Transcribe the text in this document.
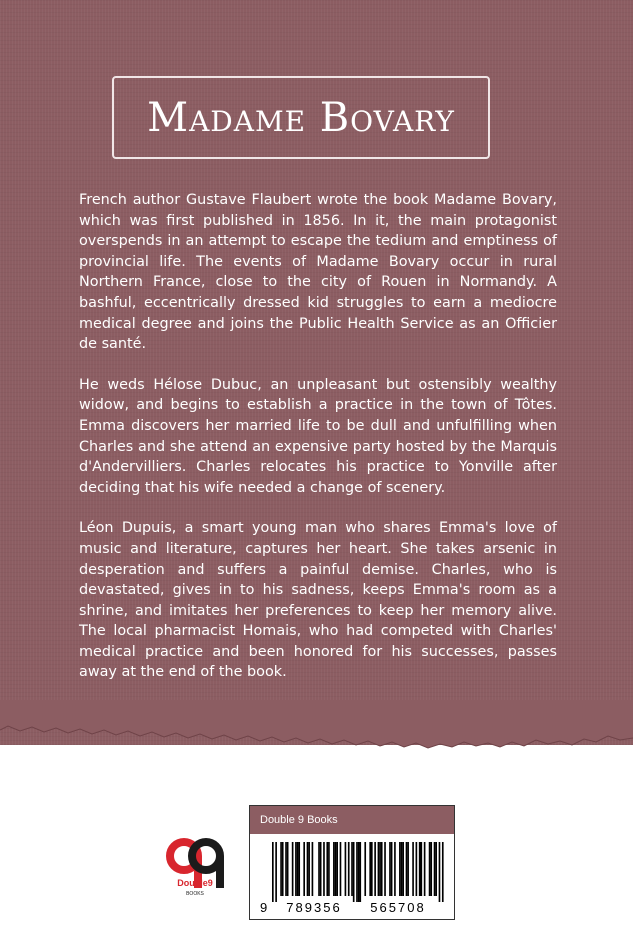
Madame Bovary

French author Gustave Flaubert wrote the book Madame Bovary, which was first published in 1856. In it, the main protagonist overspends in an attempt to escape the tedium and emptiness of provincial life. The events of Madame Bovary occur in rural Northern France, close to the city of Rouen in Normandy. A bashful, eccentrically dressed kid struggles to earn a mediocre medical degree and joins the Public Health Service as an Officier de santé.

He weds Hélose Dubuc, an unpleasant but ostensibly wealthy widow, and begins to establish a practice in the town of Tôtes. Emma discovers her married life to be dull and unfulfilling when Charles and she attend an expensive party hosted by the Marquis d'Andervilliers. Charles relocates his practice to Yonville after deciding that his wife needed a change of scenery.

Léon Dupuis, a smart young man who shares Emma's love of music and literature, captures her heart. She takes arsenic in desperation and suffers a painful demise. Charles, who is devastated, gives in to his sadness, keeps Emma's room as a shrine, and imitates her preferences to keep her memory alive. The local pharmacist Homais, who had competed with Charles' medical practice and been honored for his successes, passes away at the end of the book.

Double9
BOOKS
Double 9 Books
9 789356 565708
